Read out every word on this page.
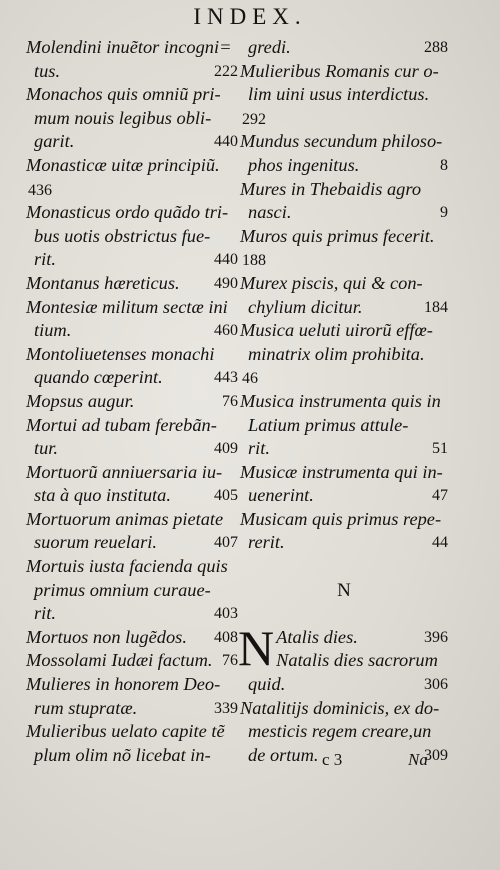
INDEX.
Molendini inuẽtor incogni=
tus.	222
Monachos quis omniũ pri-
mum nouis legibus obli-
garit.	440
Monasticæ uitæ principiũ.
436
Monasticus ordo quãdo tri-
bus uotis obstrictus fue-
rit.	440
Montanus hæreticus. 490
Montesiæ militum sectæ ini
tium.	460
Montoliuetenses monachi
quando cœperint.	443
Mopsus augur.	76
Mortui ad tubam ferebãn-
tur.	409
Mortuorũ anniuersaria iu-
sta à quo instituta.	405
Mortuorum animas pietate
suorum reuelari.	407
Mortuis iusta facienda quis
primus omnium curaue-
rit.	403
Mortuos non lugẽdos. 408
Mossolami Iudæi factum. 76
Mulieres in honorem Deo-
rum stupratæ.	339
Mulieribus uelato capite tẽ
plum olim nõ licebat in-
gredi.	288
Mulieribus Romanis cur o-
lim uini usus interdictus.
292
Mundus secundum philoso-
phos ingenitus.	8
Mures in Thebaidis agro
nasci.	9
Muros quis primus fecerit.
188
Murex piscis, qui & con-
chylium dicitur.	184
Musica ueluti uirorũ effœ-
minatrix olim prohibita.
46
Musica instrumenta quis in
Latium primus attule-
rit.	51
Musicæ instrumenta qui in-
uenerint.	47
Musicam quis primus repe-
rerit.	44
N
N Atalis dies.	396
Natalis dies sacrorum
quid.	306
Natalitijs dominicis, ex do-
mesticis regem creare,un
de ortum.	309
c 3	Na
